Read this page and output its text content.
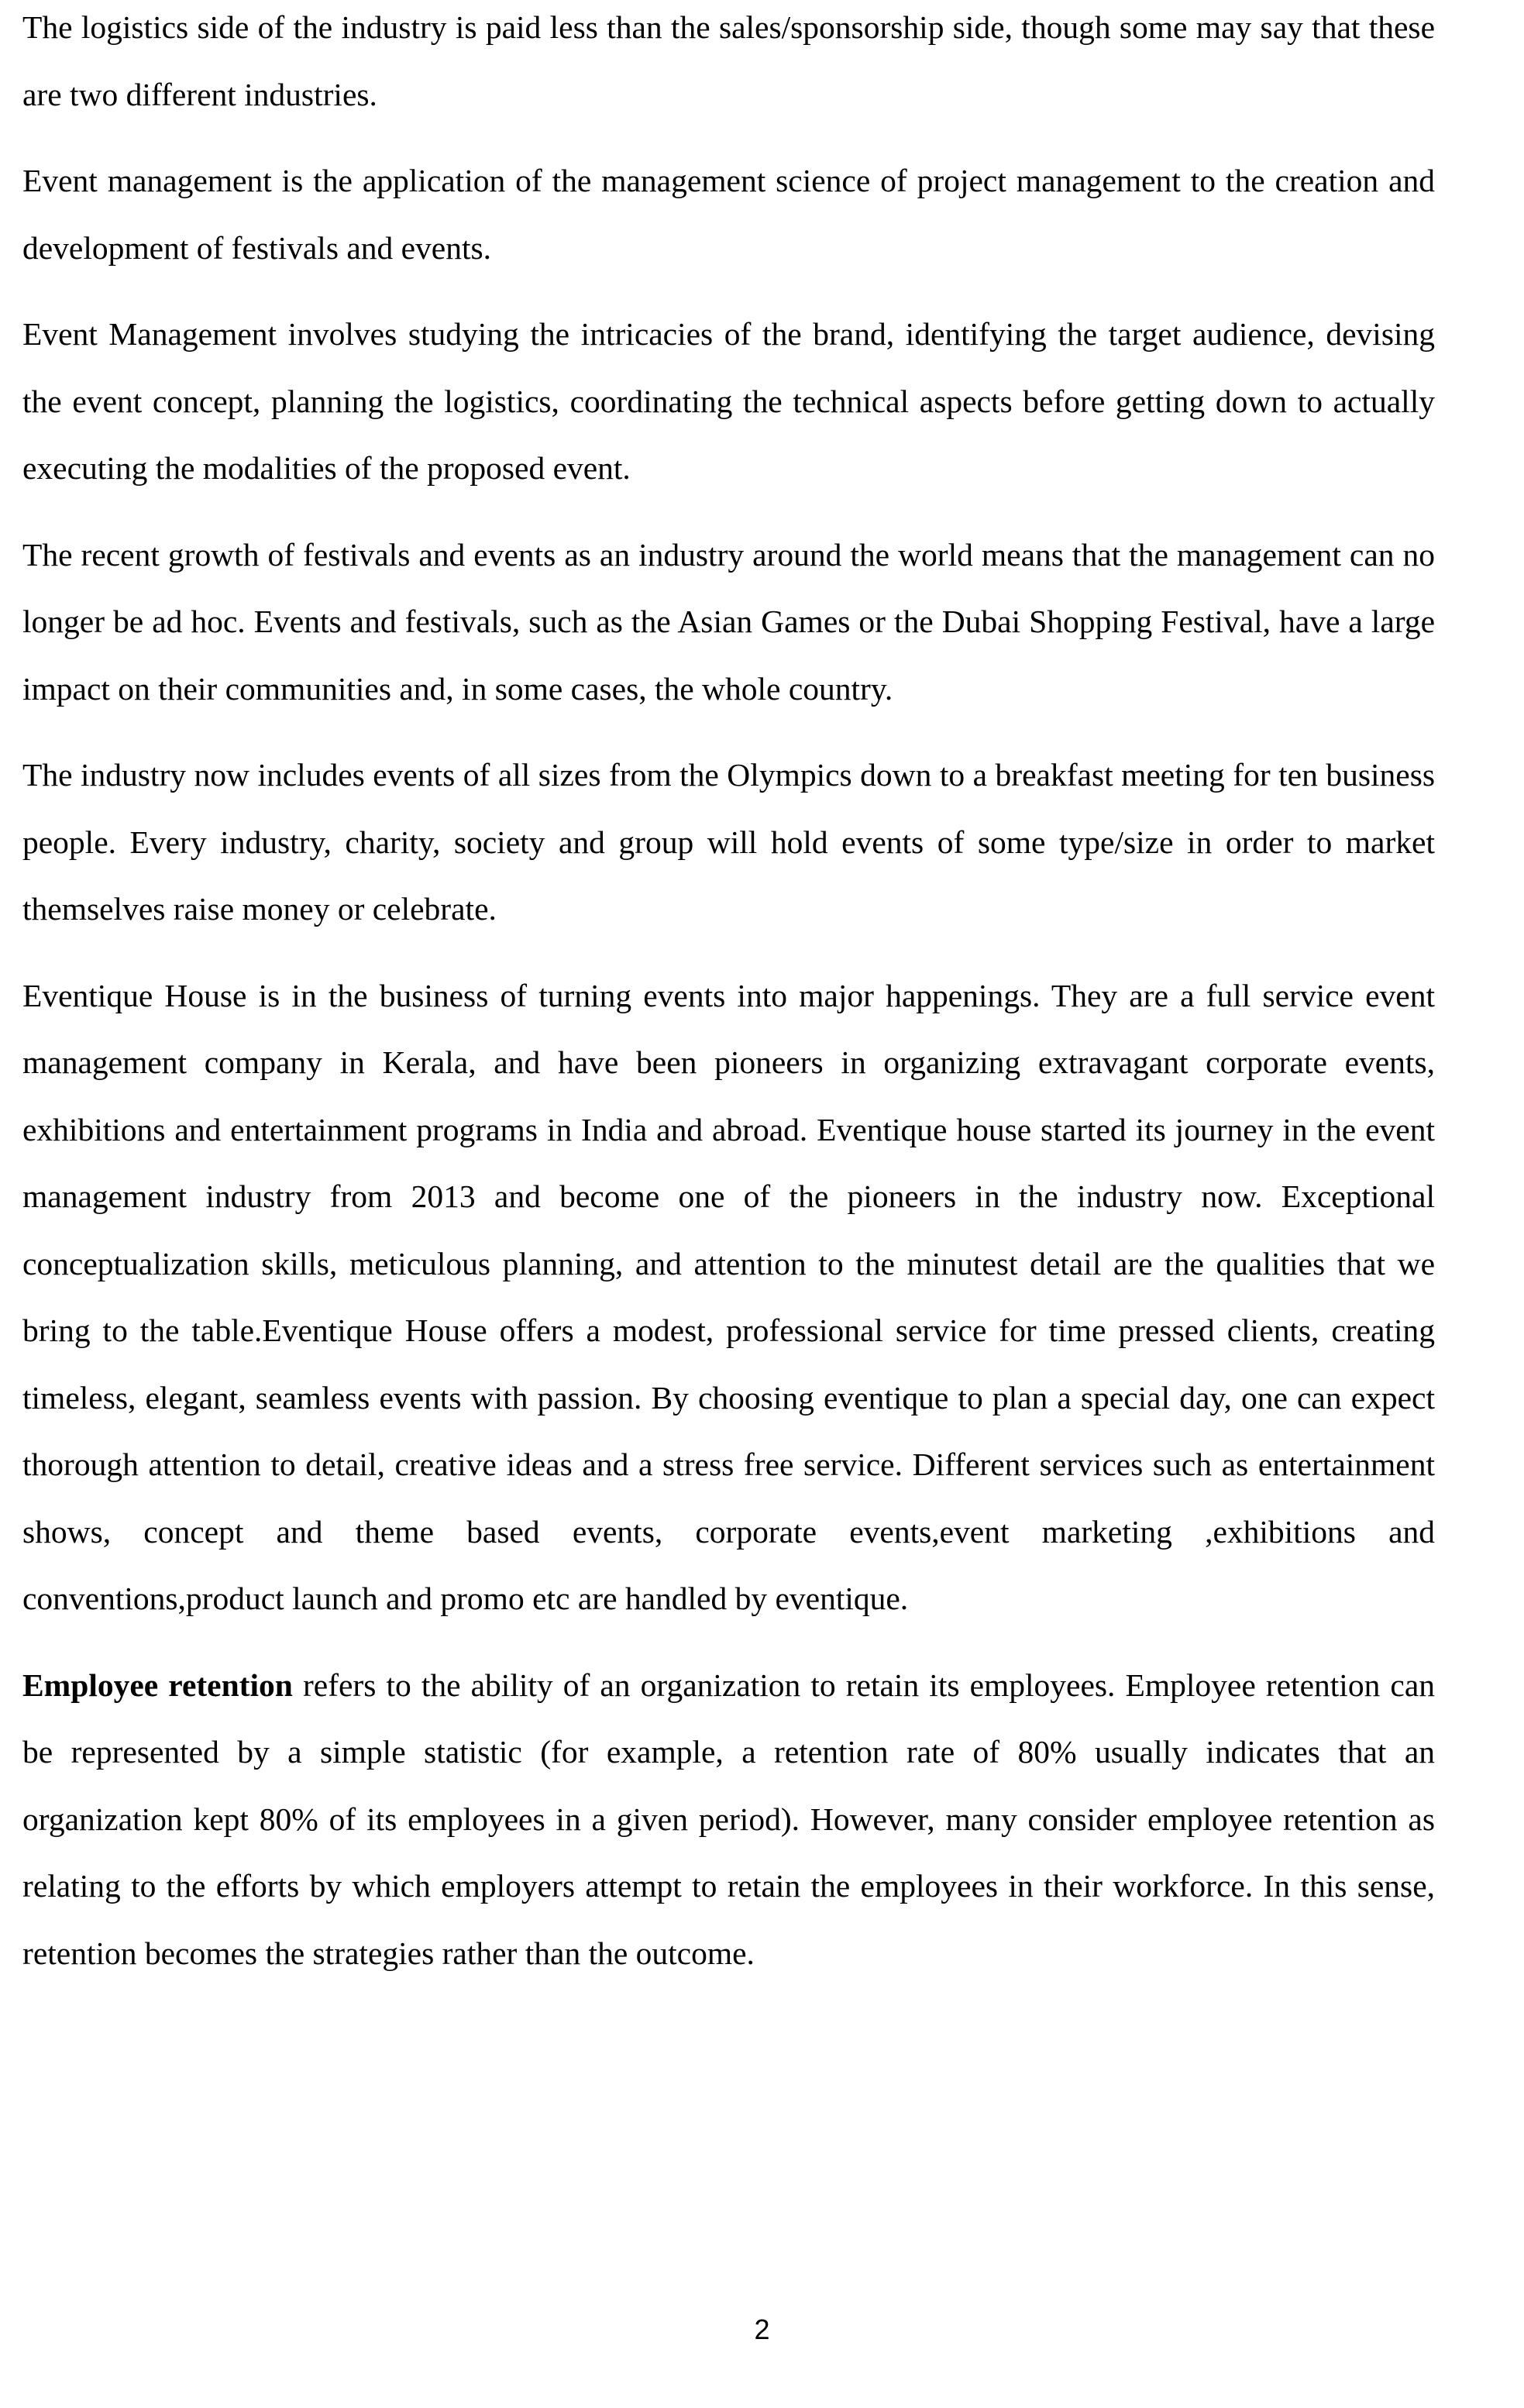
The logistics side of the industry is paid less than the sales/sponsorship side, though some may say that these are two different industries.

Event management is the application of the management science of project management to the creation and development of festivals and events.

Event Management involves studying the intricacies of the brand, identifying the target audience, devising the event concept, planning the logistics, coordinating the technical aspects before getting down to actually executing the modalities of the proposed event.

The recent growth of festivals and events as an industry around the world means that the management can no longer be ad hoc. Events and festivals, such as the Asian Games or the Dubai Shopping Festival, have a large impact on their communities and, in some cases, the whole country.

The industry now includes events of all sizes from the Olympics down to a breakfast meeting for ten business people. Every industry, charity, society and group will hold events of some type/size in order to market themselves raise money or celebrate.

Eventique House is in the business of turning events into major happenings. They are a full service event management company in Kerala, and have been pioneers in organizing extravagant corporate events, exhibitions and entertainment programs in India and abroad. Eventique house started its journey in the event management industry from 2013 and become one of the pioneers in the industry now. Exceptional conceptualization skills, meticulous planning, and attention to the minutest detail are the qualities that we bring to the table.Eventique House offers a modest, professional service for time pressed clients, creating timeless, elegant, seamless events with passion. By choosing eventique to plan a special day, one can expect thorough attention to detail, creative ideas and a stress free service. Different services such as entertainment shows, concept and theme based events, corporate events,event marketing ,exhibitions and conventions,product launch and promo etc are handled by eventique.

Employee retention refers to the ability of an organization to retain its employees. Employee retention can be represented by a simple statistic (for example, a retention rate of 80% usually indicates that an organization kept 80% of its employees in a given period). However, many consider employee retention as relating to the efforts by which employers attempt to retain the employees in their workforce. In this sense, retention becomes the strategies rather than the outcome.

2
